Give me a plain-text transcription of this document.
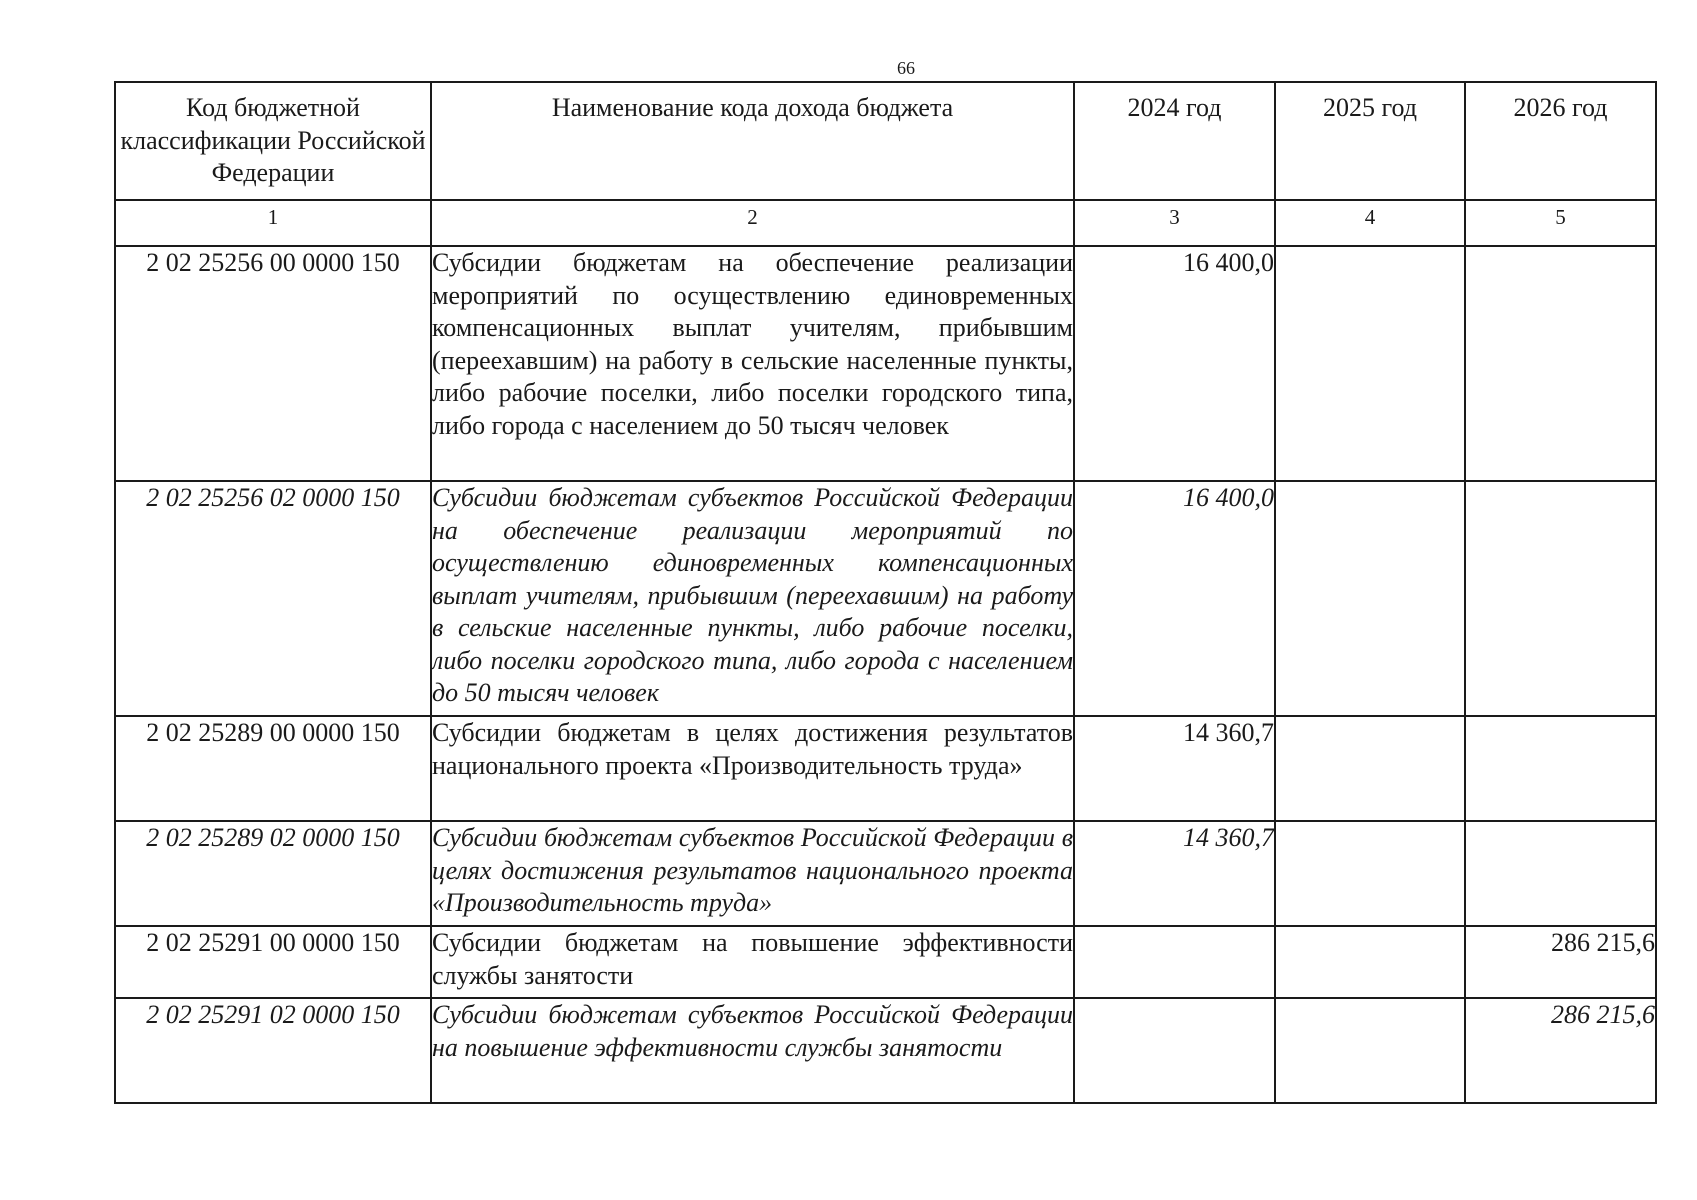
66
Код бюджетной классификации Российской Федерации	Наименование кода дохода бюджета	2024 год	2025 год	2026 год
1	2	3	4	5
2 02 25256 00 0000 150	Субсидии бюджетам на обеспечение реализации мероприятий по осуществлению единовременных компенсационных выплат учителям, прибывшим (переехавшим) на работу в сельские населенные пункты, либо рабочие поселки, либо поселки городского типа, либо города с населением до 50 тысяч человек	16 400,0		
2 02 25256 02 0000 150	Субсидии бюджетам субъектов Российской Федерации на обеспечение реализации мероприятий по осуществлению единовременных компенсационных выплат учителям, прибывшим (переехавшим) на работу в сельские населенные пункты, либо рабочие поселки, либо поселки городского типа, либо города с населением до 50 тысяч человек	16 400,0		
2 02 25289 00 0000 150	Субсидии бюджетам в целях достижения результатов национального проекта «Производительность труда»	14 360,7		
2 02 25289 02 0000 150	Субсидии бюджетам субъектов Российской Федерации в целях достижения результатов национального проекта «Производительность труда»	14 360,7		
2 02 25291 00 0000 150	Субсидии бюджетам на повышение эффективности службы занятости			286 215,6
2 02 25291 02 0000 150	Субсидии бюджетам субъектов Российской Федерации на повышение эффективности службы занятости			286 215,6
